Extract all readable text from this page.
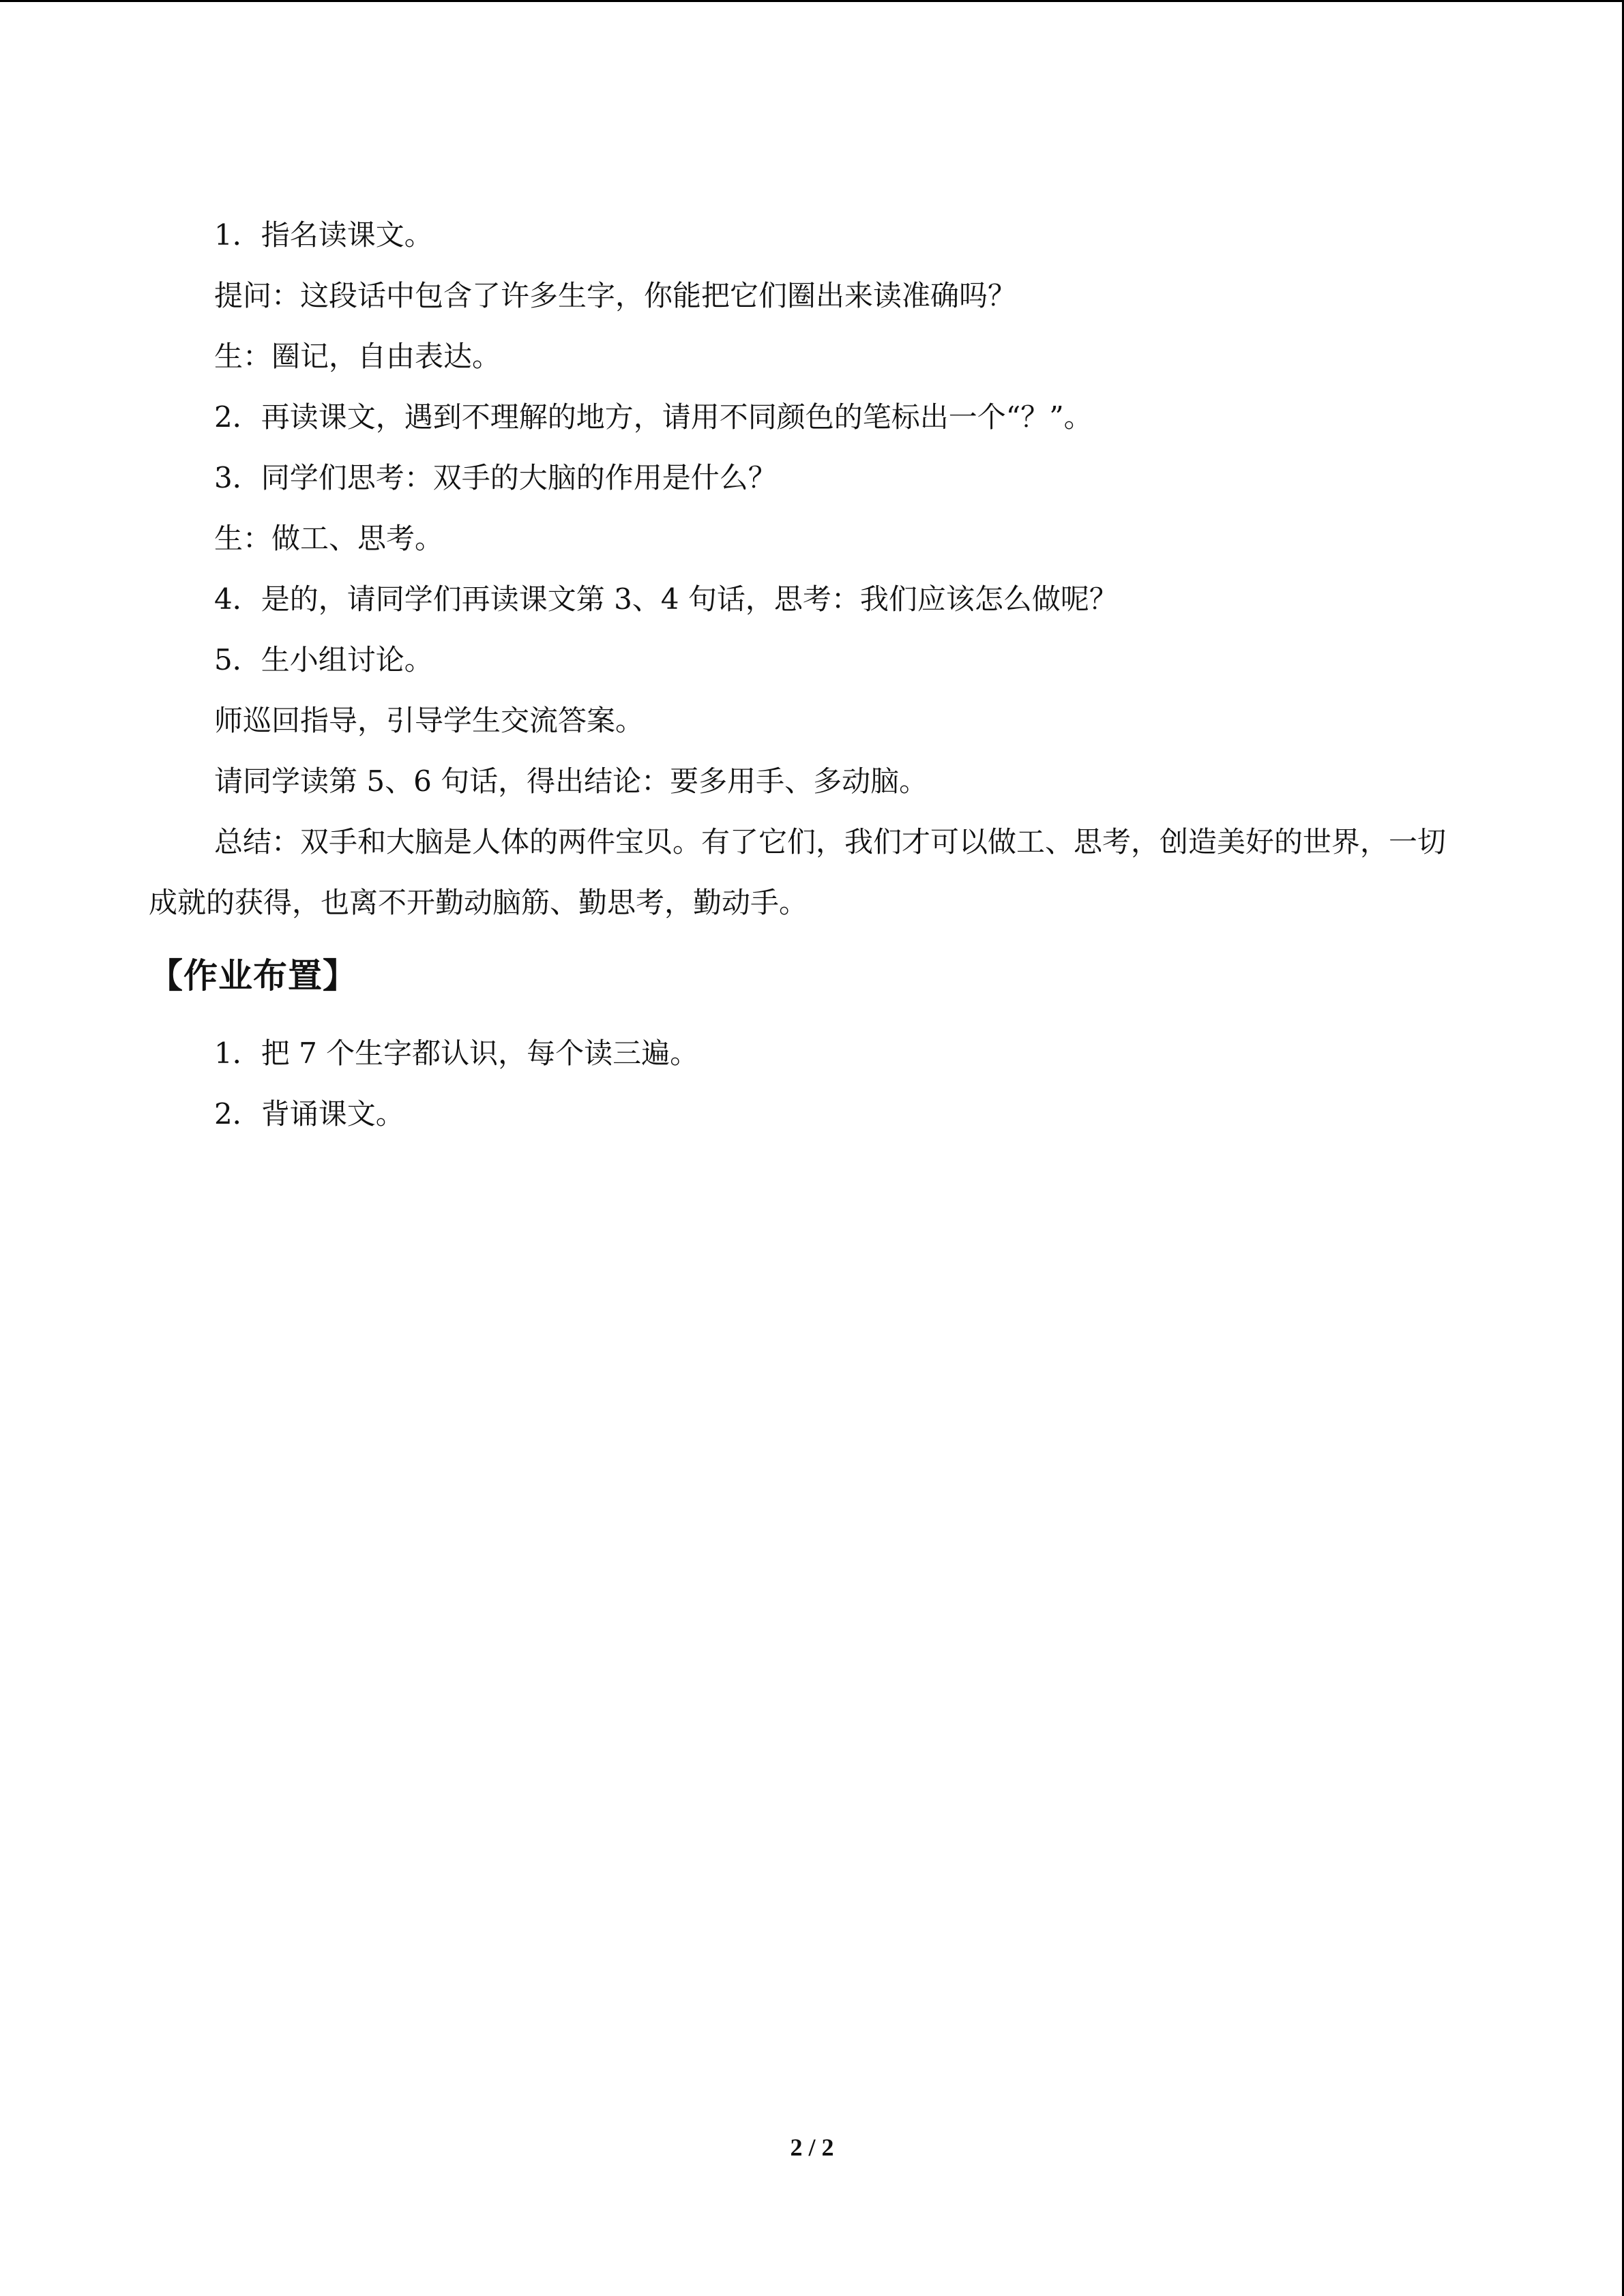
1．指名读课文。

提问：这段话中包含了许多生字，你能把它们圈出来读准确吗？

生：圈记，自由表达。

2．再读课文，遇到不理解的地方，请用不同颜色的笔标出一个“？”。

3．同学们思考：双手的大脑的作用是什么？

生：做工、思考。

4．是的，请同学们再读课文第 3、4 句话，思考：我们应该怎么做呢？

5．生小组讨论。

师巡回指导，引导学生交流答案。

请同学读第 5、6 句话，得出结论：要多用手、多动脑。

总结：双手和大脑是人体的两件宝贝。有了它们，我们才可以做工、思考，创造美好的世界，一切成就的获得，也离不开勤动脑筋、勤思考，勤动手。

【作业布置】

1．把 7 个生字都认识，每个读三遍。

2．背诵课文。

2 / 2
